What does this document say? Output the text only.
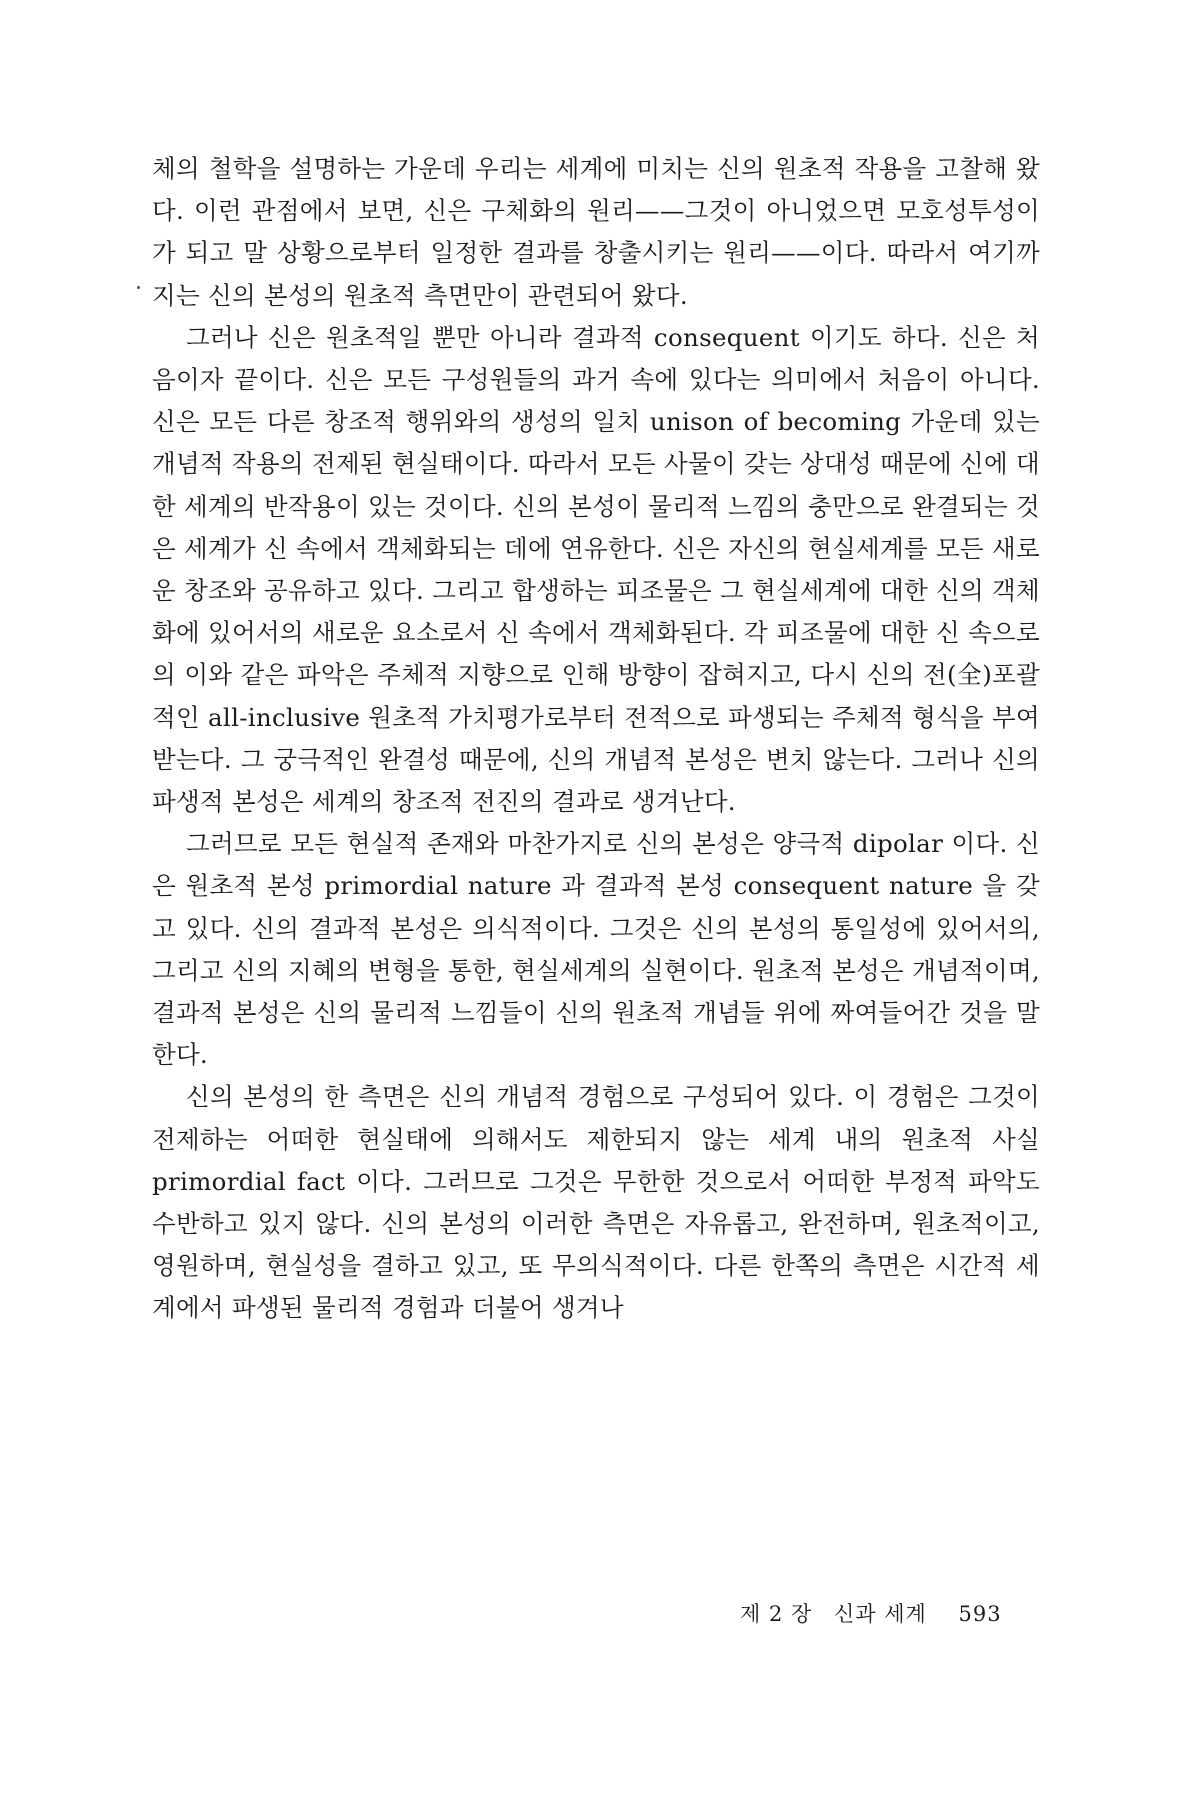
체의 철학을 설명하는 가운데 우리는 세계에 미치는 신의 원초적 작용을 고찰해 왔다. 이런 관점에서 보면, 신은 구체화의 원리——그것이 아니었으면 모호성투성이가 되고 말 상황으로부터 일정한 결과를 창출시키는 원리——이다. 따라서 여기까지는 신의 본성의 원초적 측면만이 관련되어 왔다.

그러나 신은 원초적일 뿐만 아니라 결과적 consequent 이기도 하다. 신은 처음이자 끝이다. 신은 모든 구성원들의 과거 속에 있다는 의미에서 처음이 아니다. 신은 모든 다른 창조적 행위와의 생성의 일치 unison of becoming 가운데 있는 개념적 작용의 전제된 현실태이다. 따라서 모든 사물이 갖는 상대성 때문에 신에 대한 세계의 반작용이 있는 것이다. 신의 본성이 물리적 느낌의 충만으로 완결되는 것은 세계가 신 속에서 객체화되는 데에 연유한다. 신은 자신의 현실세계를 모든 새로운 창조와 공유하고 있다. 그리고 합생하는 피조물은 그 현실세계에 대한 신의 객체화에 있어서의 새로운 요소로서 신 속에서 객체화된다. 각 피조물에 대한 신 속으로의 이와 같은 파악은 주체적 지향으로 인해 방향이 잡혀지고, 다시 신의 전(全)포괄적인 all-inclusive 원초적 가치평가로부터 전적으로 파생되는 주체적 형식을 부여받는다. 그 궁극적인 완결성 때문에, 신의 개념적 본성은 변치 않는다. 그러나 신의 파생적 본성은 세계의 창조적 전진의 결과로 생겨난다.

그러므로 모든 현실적 존재와 마찬가지로 신의 본성은 양극적 dipolar 이다. 신은 원초적 본성 primordial nature 과 결과적 본성 consequent nature 을 갖고 있다. 신의 결과적 본성은 의식적이다. 그것은 신의 본성의 통일성에 있어서의, 그리고 신의 지혜의 변형을 통한, 현실세계의 실현이다. 원초적 본성은 개념적이며, 결과적 본성은 신의 물리적 느낌들이 신의 원초적 개념들 위에 짜여들어간 것을 말한다.

신의 본성의 한 측면은 신의 개념적 경험으로 구성되어 있다. 이 경험은 그것이 전제하는 어떠한 현실태에 의해서도 제한되지 않는 세계 내의 원초적 사실 primordial fact 이다. 그러므로 그것은 무한한 것으로서 어떠한 부정적 파악도 수반하고 있지 않다. 신의 본성의 이러한 측면은 자유롭고, 완전하며, 원초적이고, 영원하며, 현실성을 결하고 있고, 또 무의식적이다. 다른 한쪽의 측면은 시간적 세계에서 파생된 물리적 경험과 더불어 생겨나

제 2 장 신과 세계 593
